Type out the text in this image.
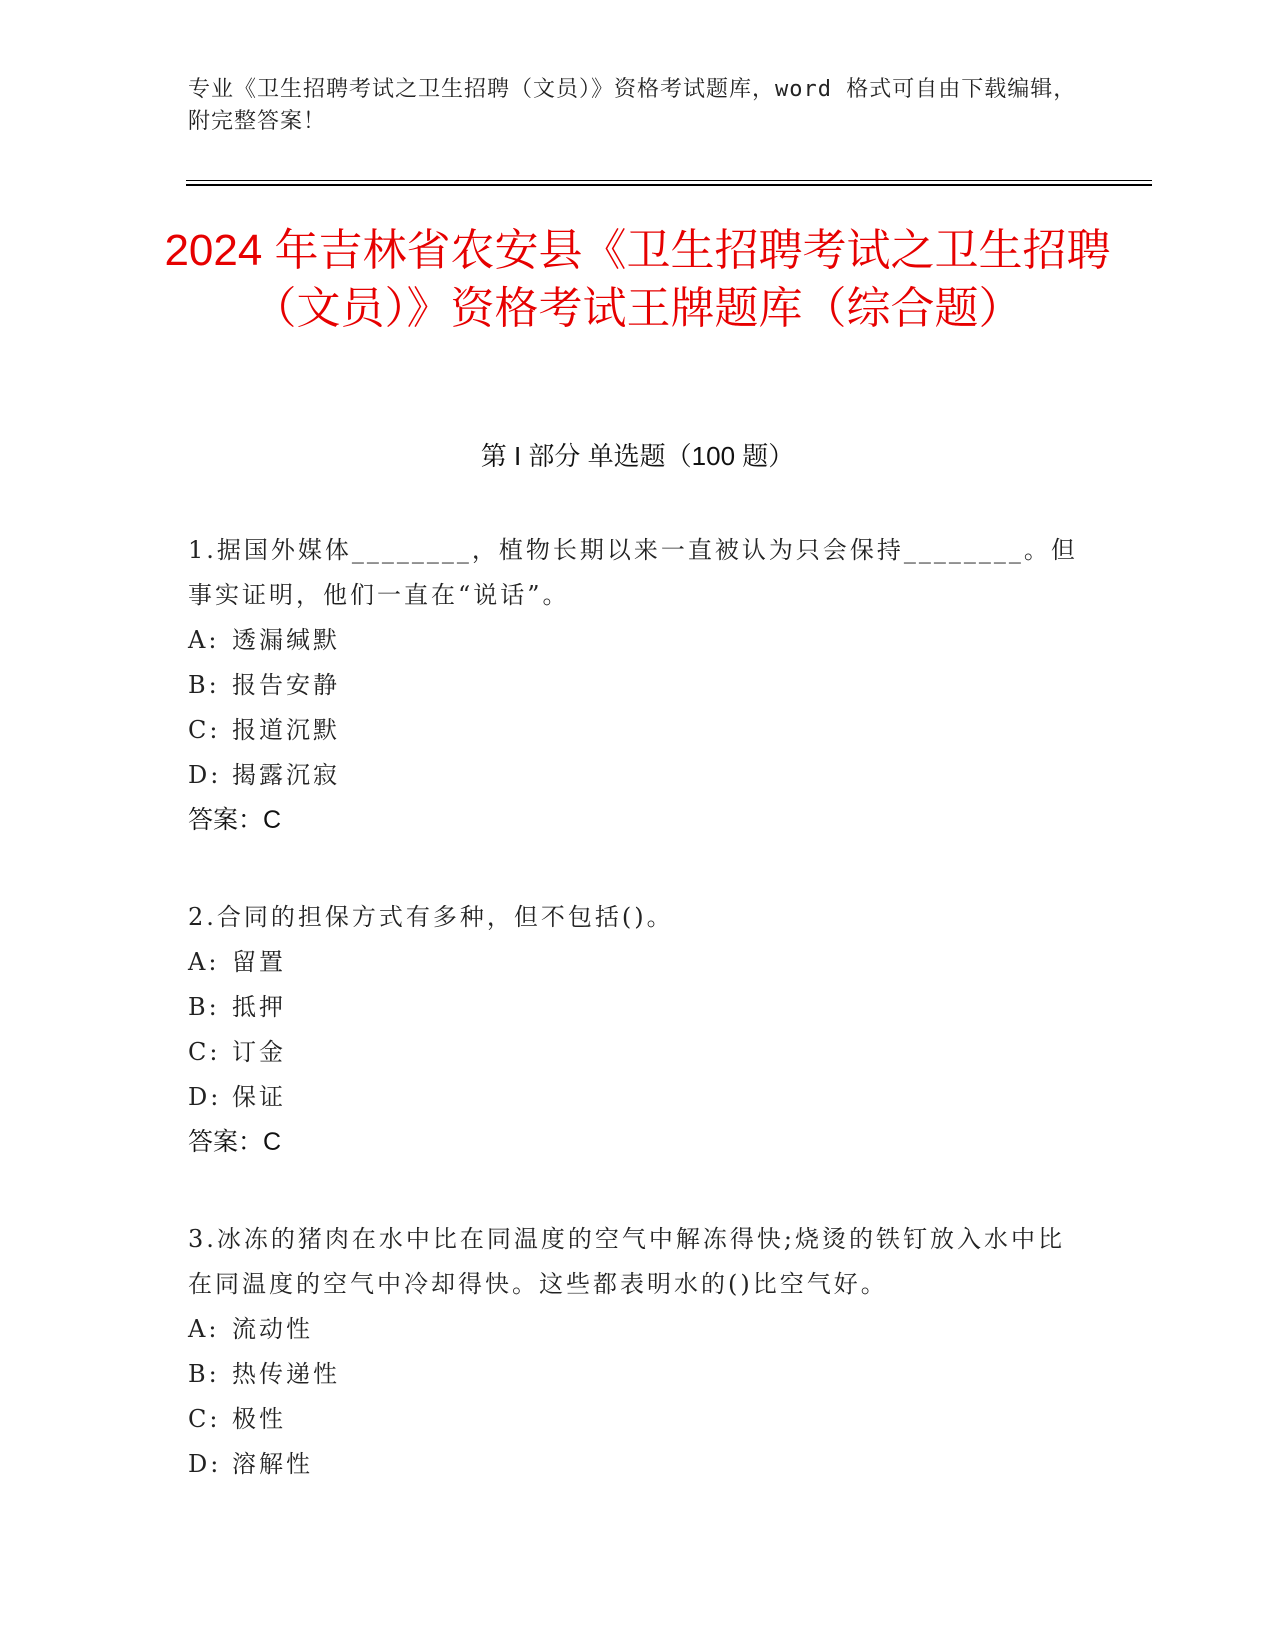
专业《卫生招聘考试之卫生招聘（文员）》资格考试题库，word 格式可自由下载编辑，附完整答案！
2024 年吉林省农安县《卫生招聘考试之卫生招聘（文员）》资格考试王牌题库（综合题）
第 I 部分 单选题（100 题）
1.据国外媒体________，植物长期以来一直被认为只会保持________。但事实证明，他们一直在“说话”。
A: 透漏缄默
B: 报告安静
C: 报道沉默
D: 揭露沉寂
答案：C
2.合同的担保方式有多种，但不包括()。
A: 留置
B: 抵押
C: 订金
D: 保证
答案：C
3.冰冻的猪肉在水中比在同温度的空气中解冻得快;烧烫的铁钉放入水中比在同温度的空气中冷却得快。这些都表明水的()比空气好。
A: 流动性
B: 热传递性
C: 极性
D: 溶解性
